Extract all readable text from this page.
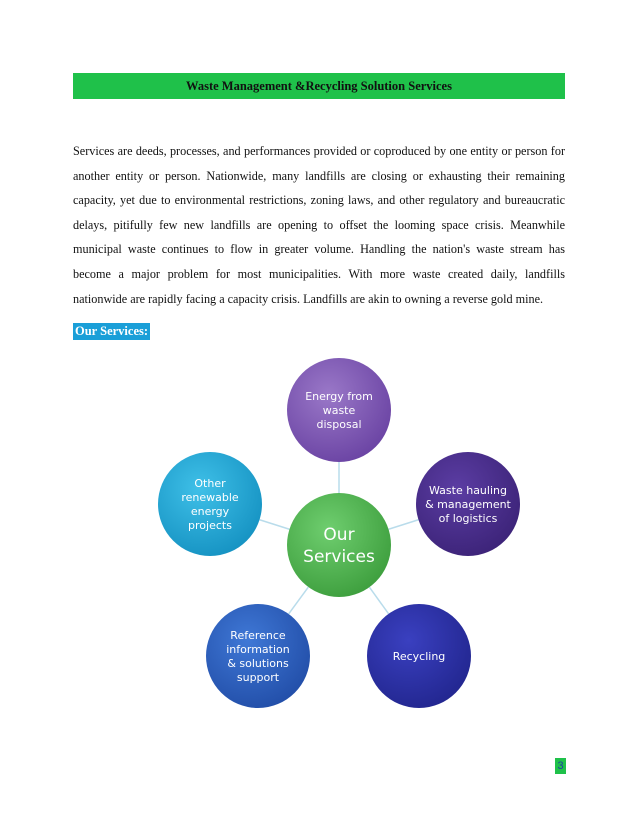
Waste Management &Recycling Solution Services

Services are deeds, processes, and performances provided or coproduced by one entity or person for another entity or person. Nationwide, many landfills are closing or exhausting their remaining capacity, yet due to environmental restrictions, zoning laws, and other regulatory and bureaucratic delays, pitifully few new landfills are opening to offset the looming space crisis. Meanwhile municipal waste continues to flow in greater volume. Handling the nation's waste stream has become a major problem for most municipalities. With more waste created daily, landfills nationwide are rapidly facing a capacity crisis. Landfills are akin to owning a reverse gold mine.

Our Services:
Energy from waste disposal
Waste hauling & management of logistics
Recycling
Reference information & solutions support
Other renewable energy projects	Our Services
3
